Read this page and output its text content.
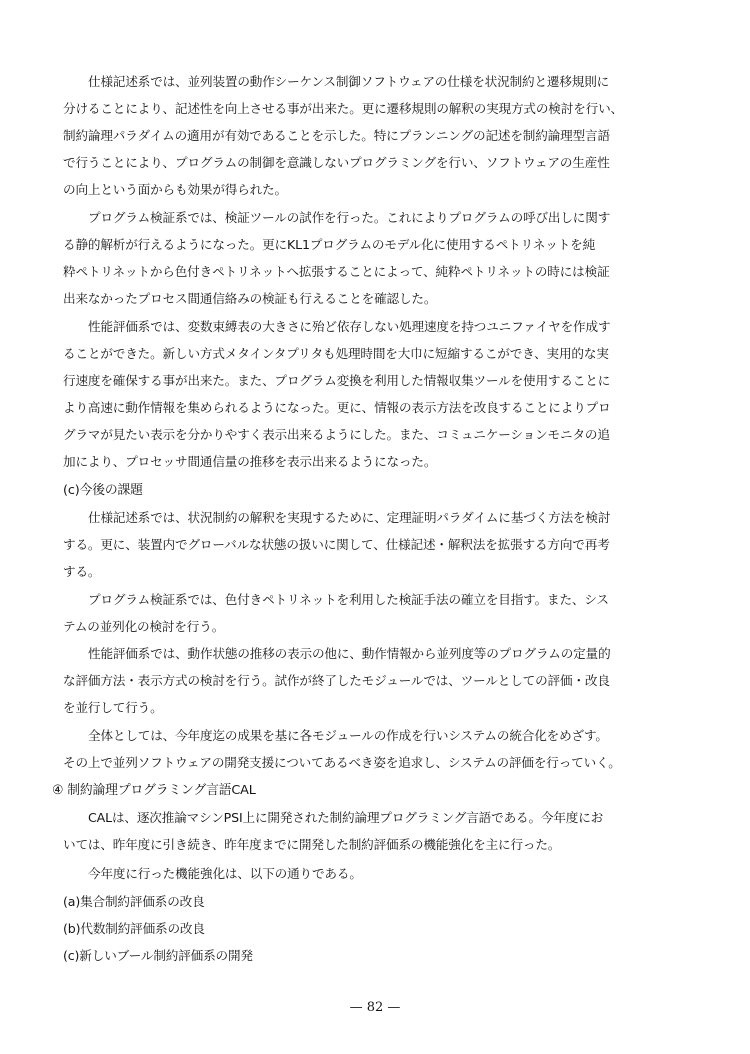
仕様記述系では、並列装置の動作シーケンス制御ソフトウェアの仕様を状況制約と遷移規則に
分けることにより、記述性を向上させる事が出来た。更に遷移規則の解釈の実現方式の検討を行い、
制約論理パラダイムの適用が有効であることを示した。特にプランニングの記述を制約論理型言語
で行うことにより、プログラムの制御を意識しないプログラミングを行い、ソフトウェアの生産性
の向上という面からも効果が得られた。
プログラム検証系では、検証ツールの試作を行った。これによりプログラムの呼び出しに関す
る静的解析が行えるようになった。更にKL1プログラムのモデル化に使用するペトリネットを純
粋ペトリネットから色付きペトリネットへ拡張することによって、純粋ペトリネットの時には検証
出来なかったプロセス間通信絡みの検証も行えることを確認した。
性能評価系では、変数束縛表の大きさに殆ど依存しない処理速度を持つユニファイヤを作成す
ることができた。新しい方式メタインタプリタも処理時間を大巾に短縮するこができ、実用的な実
行速度を確保する事が出来た。また、プログラム変換を利用した情報収集ツールを使用することに
より高速に動作情報を集められるようになった。更に、情報の表示方法を改良することによりプロ
グラマが見たい表示を分かりやすく表示出来るようにした。また、コミュニケーションモニタの追
加により、プロセッサ間通信量の推移を表示出来るようになった。
(c)今後の課題
仕様記述系では、状況制約の解釈を実現するために、定理証明パラダイムに基づく方法を検討
する。更に、装置内でグローバルな状態の扱いに関して、仕様記述・解釈法を拡張する方向で再考
する。
プログラム検証系では、色付きペトリネットを利用した検証手法の確立を目指す。また、シス
テムの並列化の検討を行う。
性能評価系では、動作状態の推移の表示の他に、動作情報から並列度等のプログラムの定量的
な評価方法・表示方式の検討を行う。試作が終了したモジュールでは、ツールとしての評価・改良
を並行して行う。
全体としては、今年度迄の成果を基に各モジュールの作成を行いシステムの統合化をめざす。
その上で並列ソフトウェアの開発支援についてあるべき姿を追求し、システムの評価を行っていく。
④ 制約論理プログラミング言語CAL
CALは、逐次推論マシンPSI上に開発された制約論理プログラミング言語である。今年度にお
いては、昨年度に引き続き、昨年度までに開発した制約評価系の機能強化を主に行った。
今年度に行った機能強化は、以下の通りである。
(a)集合制約評価系の改良
(b)代数制約評価系の改良
(c)新しいブール制約評価系の開発
— 82 —
